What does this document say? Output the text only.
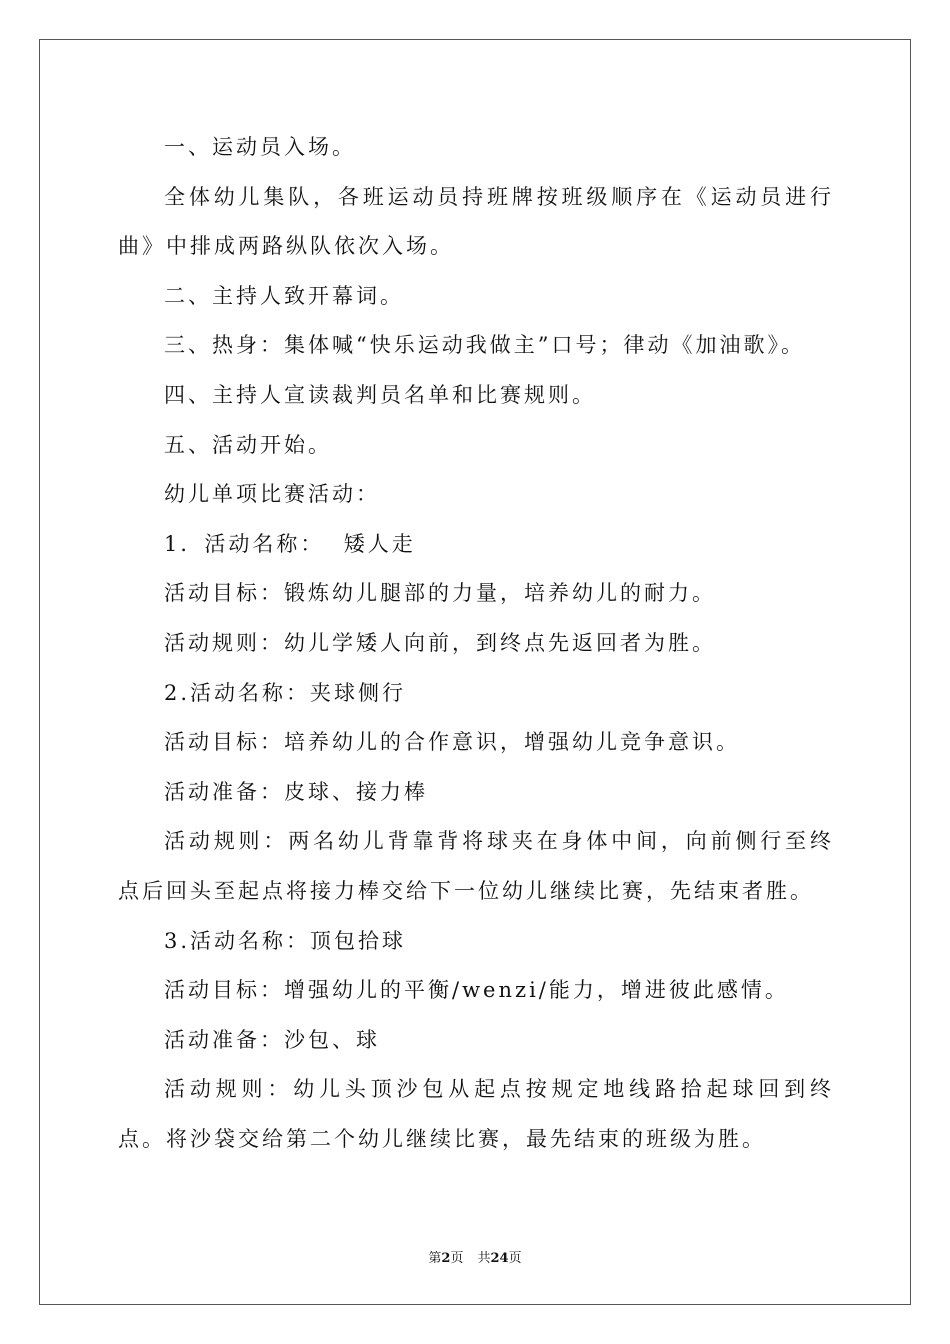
一、运动员入场。

全体幼儿集队，各班运动员持班牌按班级顺序在《运动员进行曲》中排成两路纵队依次入场。

二、主持人致开幕词。

三、热身：集体喊“快乐运动我做主”口号；律动《加油歌》。

四、主持人宣读裁判员名单和比赛规则。

五、活动开始。

幼儿单项比赛活动：

1．活动名称：  矮人走

活动目标：锻炼幼儿腿部的力量，培养幼儿的耐力。

活动规则：幼儿学矮人向前，到终点先返回者为胜。

2.活动名称：夹球侧行

活动目标：培养幼儿的合作意识，增强幼儿竞争意识。

活动准备：皮球、接力棒

活动规则：两名幼儿背靠背将球夹在身体中间，向前侧行至终点后回头至起点将接力棒交给下一位幼儿继续比赛，先结束者胜。

3.活动名称：顶包拾球

活动目标：增强幼儿的平衡/wenzi/能力，增进彼此感情。

活动准备：沙包、球

活动规则：幼儿头顶沙包从起点按规定地线路拾起球回到终点。将沙袋交给第二个幼儿继续比赛，最先结束的班级为胜。

第2页 共24页
